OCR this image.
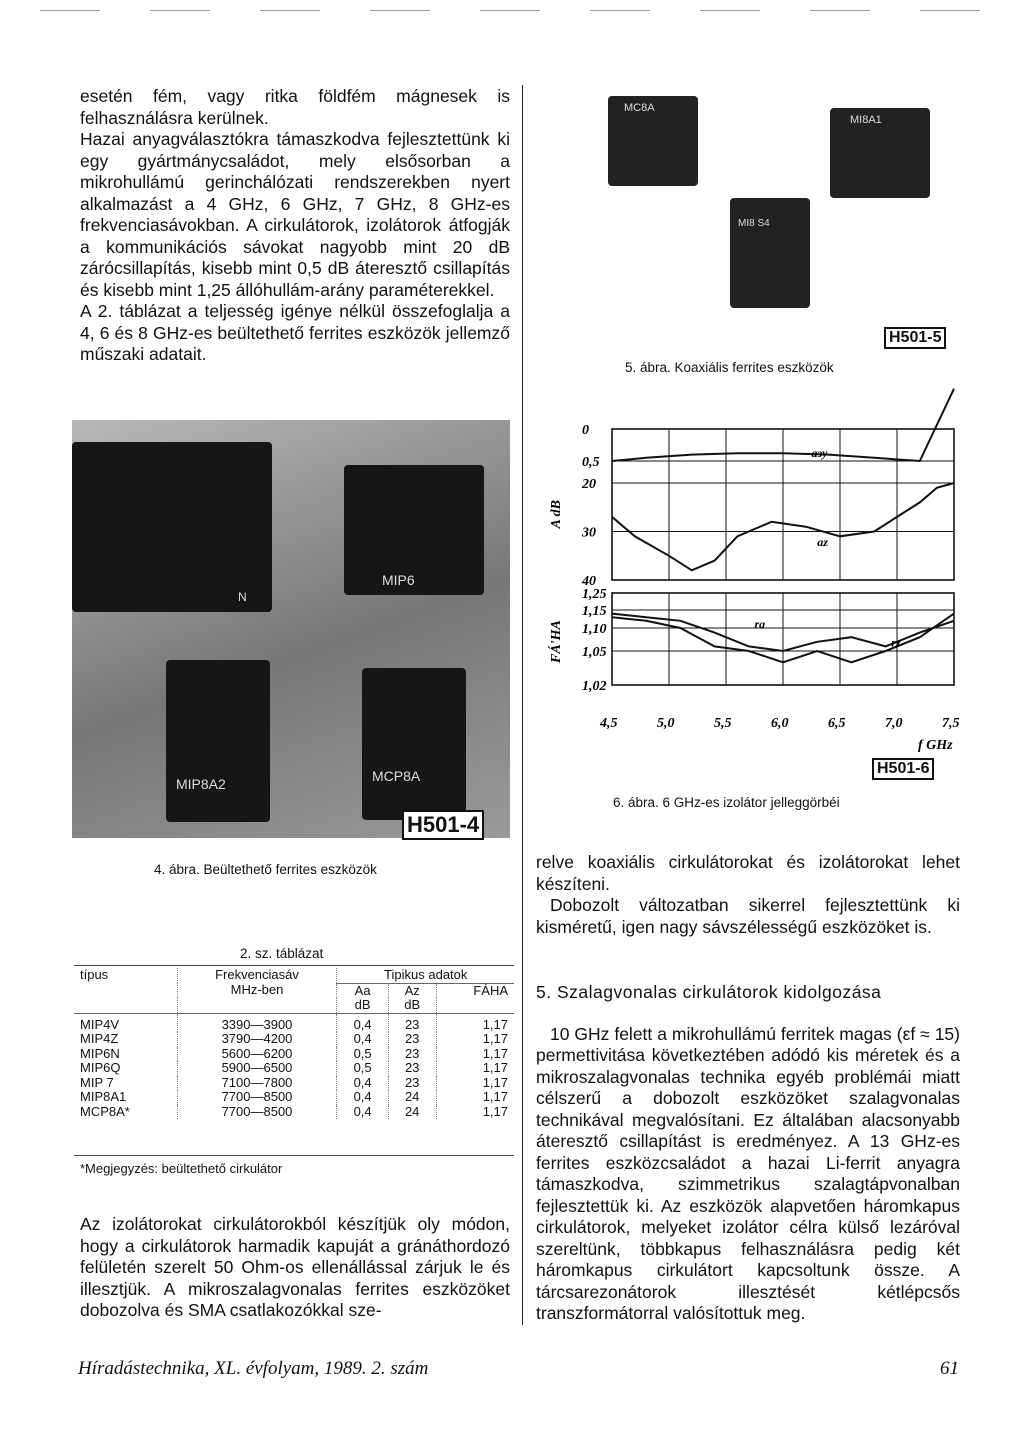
esetén fém, vagy ritka földfém mágnesek is felhasználásra kerülnek.

Hazai anyagválasztókra támaszkodva fejlesztettünk ki egy gyártmánycsaládot, mely elsősorban a mikrohullámú gerinchálózati rendszerekben nyert alkalmazást a 4 GHz, 6 GHz, 7 GHz, 8 GHz-es frekvenciasávokban. A cirkulátorok, izolátorok átfogják a kommunikációs sávokat nagyobb mint 20 dB zárócsillapítás, kisebb mint 0,5 dB áteresztő csillapítás és kisebb mint 1,25 állóhullám-arány paraméterekkel.

A 2. táblázat a teljesség igénye nélkül összefoglalja a 4, 6 és 8 GHz-es beültethető ferrites eszközök jellemző műszaki adatait.

MIP6
N
MIP8A2	MCP8A
H501-4
4. ábra. Beültethető ferrites eszközök
MC8A
MI8A1
MI8 S4
H501-5
5. ábra. Koaxiális ferrites eszközök
0
0,5
20
30
40
A dB
1,25
1,15
1,10
1,05
1,02
FÁ'HA
aзу
az
ra
rz
4,5	5,0	5,5	6,0	6,5	7,0	7,5
f GHz
H501-6
6. ábra. 6 GHz-es izolátor jelleggörbéi
2. sz. táblázat
típus	Frekvenciasáv	Tipikus adatok		
	MHz-ben	Aa	Az	FÁHA
		dB	dB	
MIP4V	3390—3900	0,4	23	1,17
MIP4Z	3790—4200	0,4	23	1,17
MIP6N	5600—6200	0,5	23	1,17
MIP6Q	5900—6500	0,5	23	1,17
MIP 7	7100—7800	0,4	23	1,17
MIP8A1	7700—8500	0,4	24	1,17
MCP8A*	7700—8500	0,4	24	1,17
*Megjegyzés: beültethető cirkulátor

Az izolátorokat cirkulátorokból készítjük oly módon, hogy a cirkulátorok harmadik kapuját a gránáthordozó felületén szerelt 50 Ohm-os ellenállással zárjuk le és illesztjük. A mikroszalagvonalas ferrites eszközöket dobozolva és SMA csatlakozókkal sze-

relve koaxiális cirkulátorokat és izolátorokat lehet készíteni.

Dobozolt változatban sikerrel fejlesztettünk ki kisméretű, igen nagy sávszélességű eszközöket is.

5. Szalagvonalas cirkulátorok kidolgozása

10 GHz felett a mikrohullámú ferritek magas (εf ≈ 15) permettivitása következtében adódó kis méretek és a mikroszalagvonalas technika egyéb problémái miatt célszerű a dobozolt eszközöket szalagvonalas technikával megvalósítani. Ez általában alacsonyabb áteresztő csillapítást is eredményez. A 13 GHz-es ferrites eszközcsaládot a hazai Li-ferrit anyagra támaszkodva, szimmetrikus szalagtápvonalban fejlesztettük ki. Az eszközök alapvetően háromkapus cirkulátorok, melyeket izolátor célra külső lezáróval szereltünk, többkapus felhasználásra pedig két háromkapus cirkulátort kapcsoltunk össze. A tárcsarezonátorok illesztését kétlépcsős transzformátorral valósítottuk meg.

Híradástechnika, XL. évfolyam, 1989. 2. szám	61
